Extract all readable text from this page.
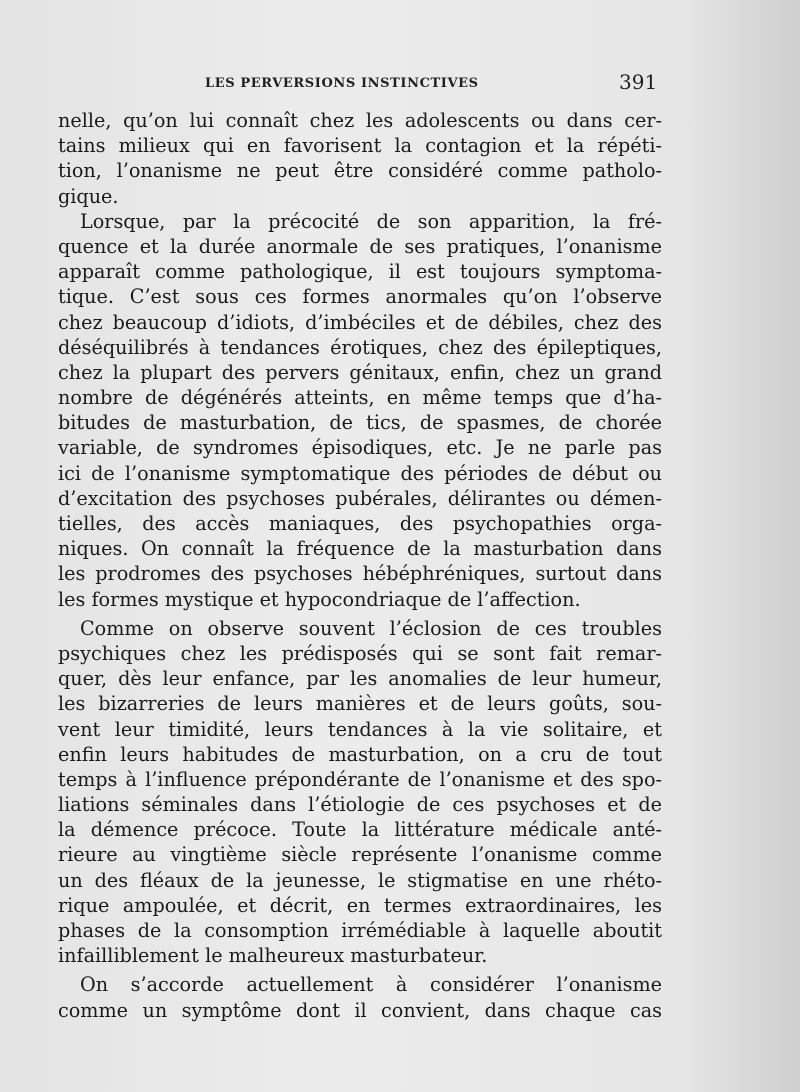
LES PERVERSIONS INSTINCTIVES	391
nelle, qu’on lui connaît chez les adolescents ou dans cer-
tains milieux qui en favorisent la contagion et la répéti-
tion, l’onanisme ne peut être considéré comme patholo-
gique.
Lorsque, par la précocité de son apparition, la fré-
quence et la durée anormale de ses pratiques, l’onanisme
apparaît comme pathologique, il est toujours symptoma-
tique. C’est sous ces formes anormales qu’on l’observe
chez beaucoup d’idiots, d’imbéciles et de débiles, chez des
déséquilibrés à tendances érotiques, chez des épileptiques,
chez la plupart des pervers génitaux, enfin, chez un grand
nombre de dégénérés atteints, en même temps que d’ha-
bitudes de masturbation, de tics, de spasmes, de chorée
variable, de syndromes épisodiques, etc. Je ne parle pas
ici de l’onanisme symptomatique des périodes de début ou
d’excitation des psychoses pubérales, délirantes ou démen-
tielles, des accès maniaques, des psychopathies orga-
niques. On connaît la fréquence de la masturbation dans
les prodromes des psychoses hébéphréniques, surtout dans
les formes mystique et hypocondriaque de l’affection.
Comme on observe souvent l’éclosion de ces troubles
psychiques chez les prédisposés qui se sont fait remar-
quer, dès leur enfance, par les anomalies de leur humeur,
les bizarreries de leurs manières et de leurs goûts, sou-
vent leur timidité, leurs tendances à la vie solitaire, et
enfin leurs habitudes de masturbation, on a cru de tout
temps à l’influence prépondérante de l’onanisme et des spo-
liations séminales dans l’étiologie de ces psychoses et de
la démence précoce. Toute la littérature médicale anté-
rieure au vingtième siècle représente l’onanisme comme
un des fléaux de la jeunesse, le stigmatise en une rhéto-
rique ampoulée, et décrit, en termes extraordinaires, les
phases de la consomption irrémédiable à laquelle aboutit
infailliblement le malheureux masturbateur.
On s’accorde actuellement à considérer l’onanisme
comme un symptôme dont il convient, dans chaque cas
